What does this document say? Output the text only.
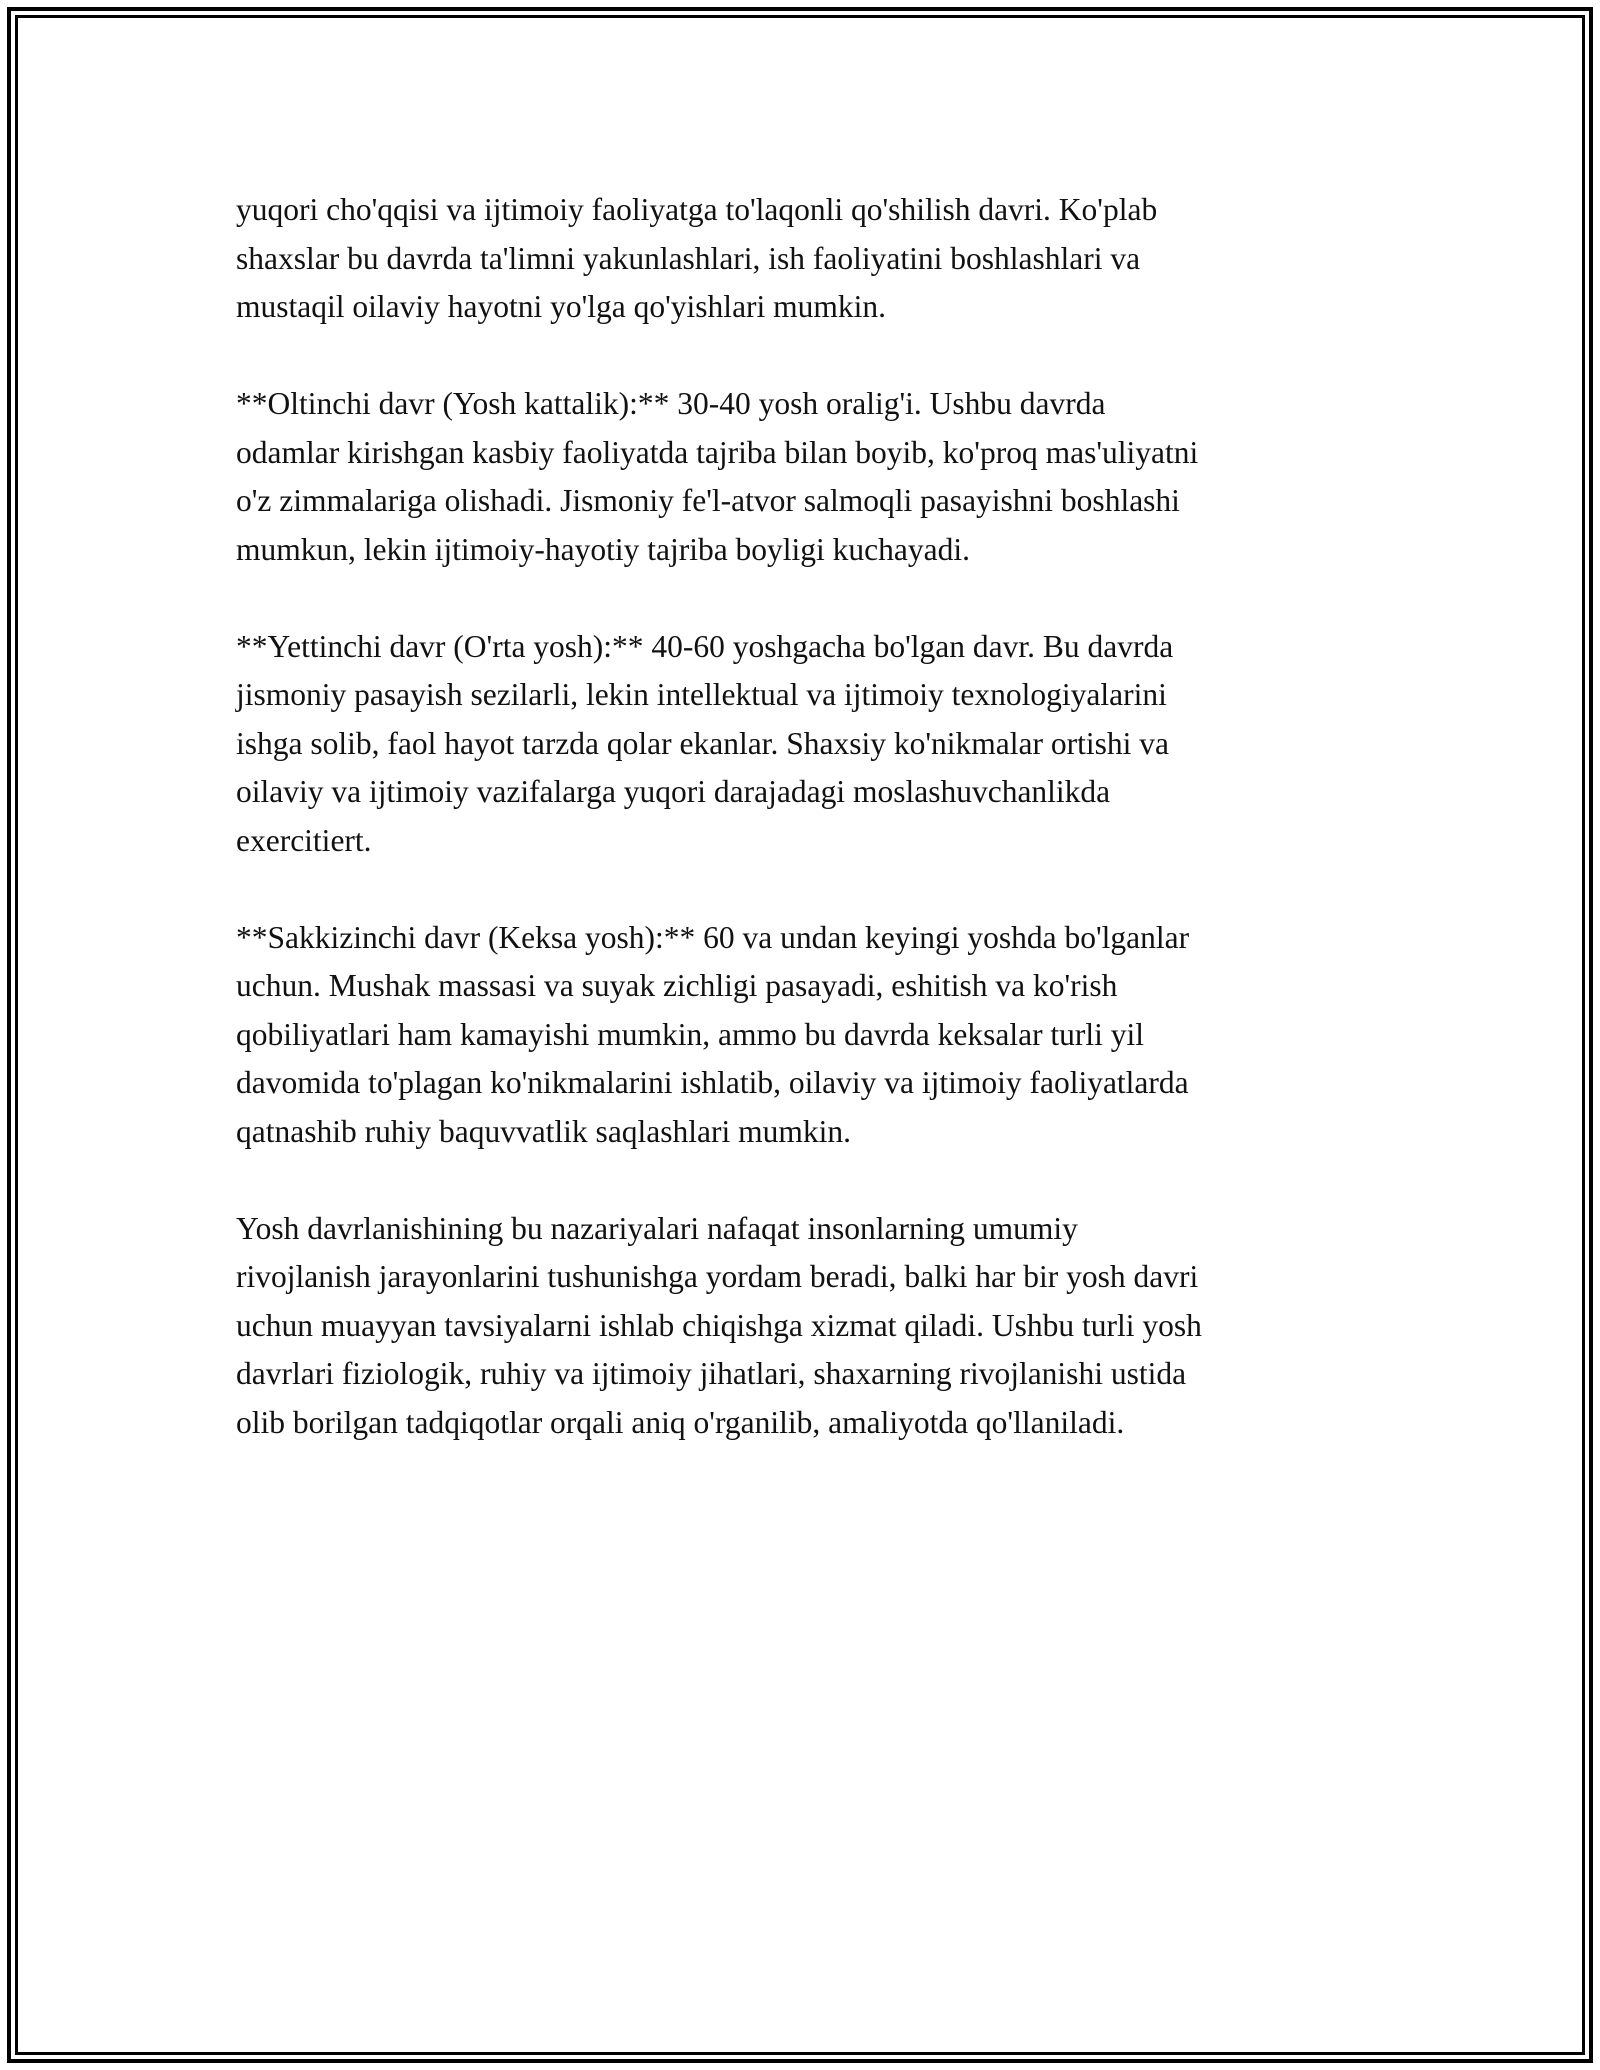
yuqori cho'qqisi va ijtimoiy faoliyatga to'laqonli qo'shilish davri. Ko'plab
shaxslar bu davrda ta'limni yakunlashlari, ish faoliyatini boshlashlari va
mustaqil oilaviy hayotni yo'lga qo'yishlari mumkin.

**Oltinchi davr (Yosh kattalik):** 30-40 yosh oralig'i. Ushbu davrda
odamlar kirishgan kasbiy faoliyatda tajriba bilan boyib, ko'proq mas'uliyatni
o'z zimmalariga olishadi. Jismoniy fe'l-atvor salmoqli pasayishni boshlashi
mumkun, lekin ijtimoiy-hayotiy tajriba boyligi kuchayadi.

**Yettinchi davr (O'rta yosh):** 40-60 yoshgacha bo'lgan davr. Bu davrda
jismoniy pasayish sezilarli, lekin intellektual va ijtimoiy texnologiyalarini
ishga solib, faol hayot tarzda qolar ekanlar. Shaxsiy ko'nikmalar ortishi va
oilaviy va ijtimoiy vazifalarga yuqori darajadagi moslashuvchanlikda
exercitiert.

**Sakkizinchi davr (Keksa yosh):** 60 va undan keyingi yoshda bo'lganlar
uchun. Mushak massasi va suyak zichligi pasayadi, eshitish va ko'rish
qobiliyatlari ham kamayishi mumkin, ammo bu davrda keksalar turli yil
davomida to'plagan ko'nikmalarini ishlatib, oilaviy va ijtimoiy faoliyatlarda
qatnashib ruhiy baquvvatlik saqlashlari mumkin.

Yosh davrlanishining bu nazariyalari nafaqat insonlarning umumiy
rivojlanish jarayonlarini tushunishga yordam beradi, balki har bir yosh davri
uchun muayyan tavsiyalarni ishlab chiqishga xizmat qiladi. Ushbu turli yosh
davrlari fiziologik, ruhiy va ijtimoiy jihatlari, shaxarning rivojlanishi ustida
olib borilgan tadqiqotlar orqali aniq o'rganilib, amaliyotda qo'llaniladi.
